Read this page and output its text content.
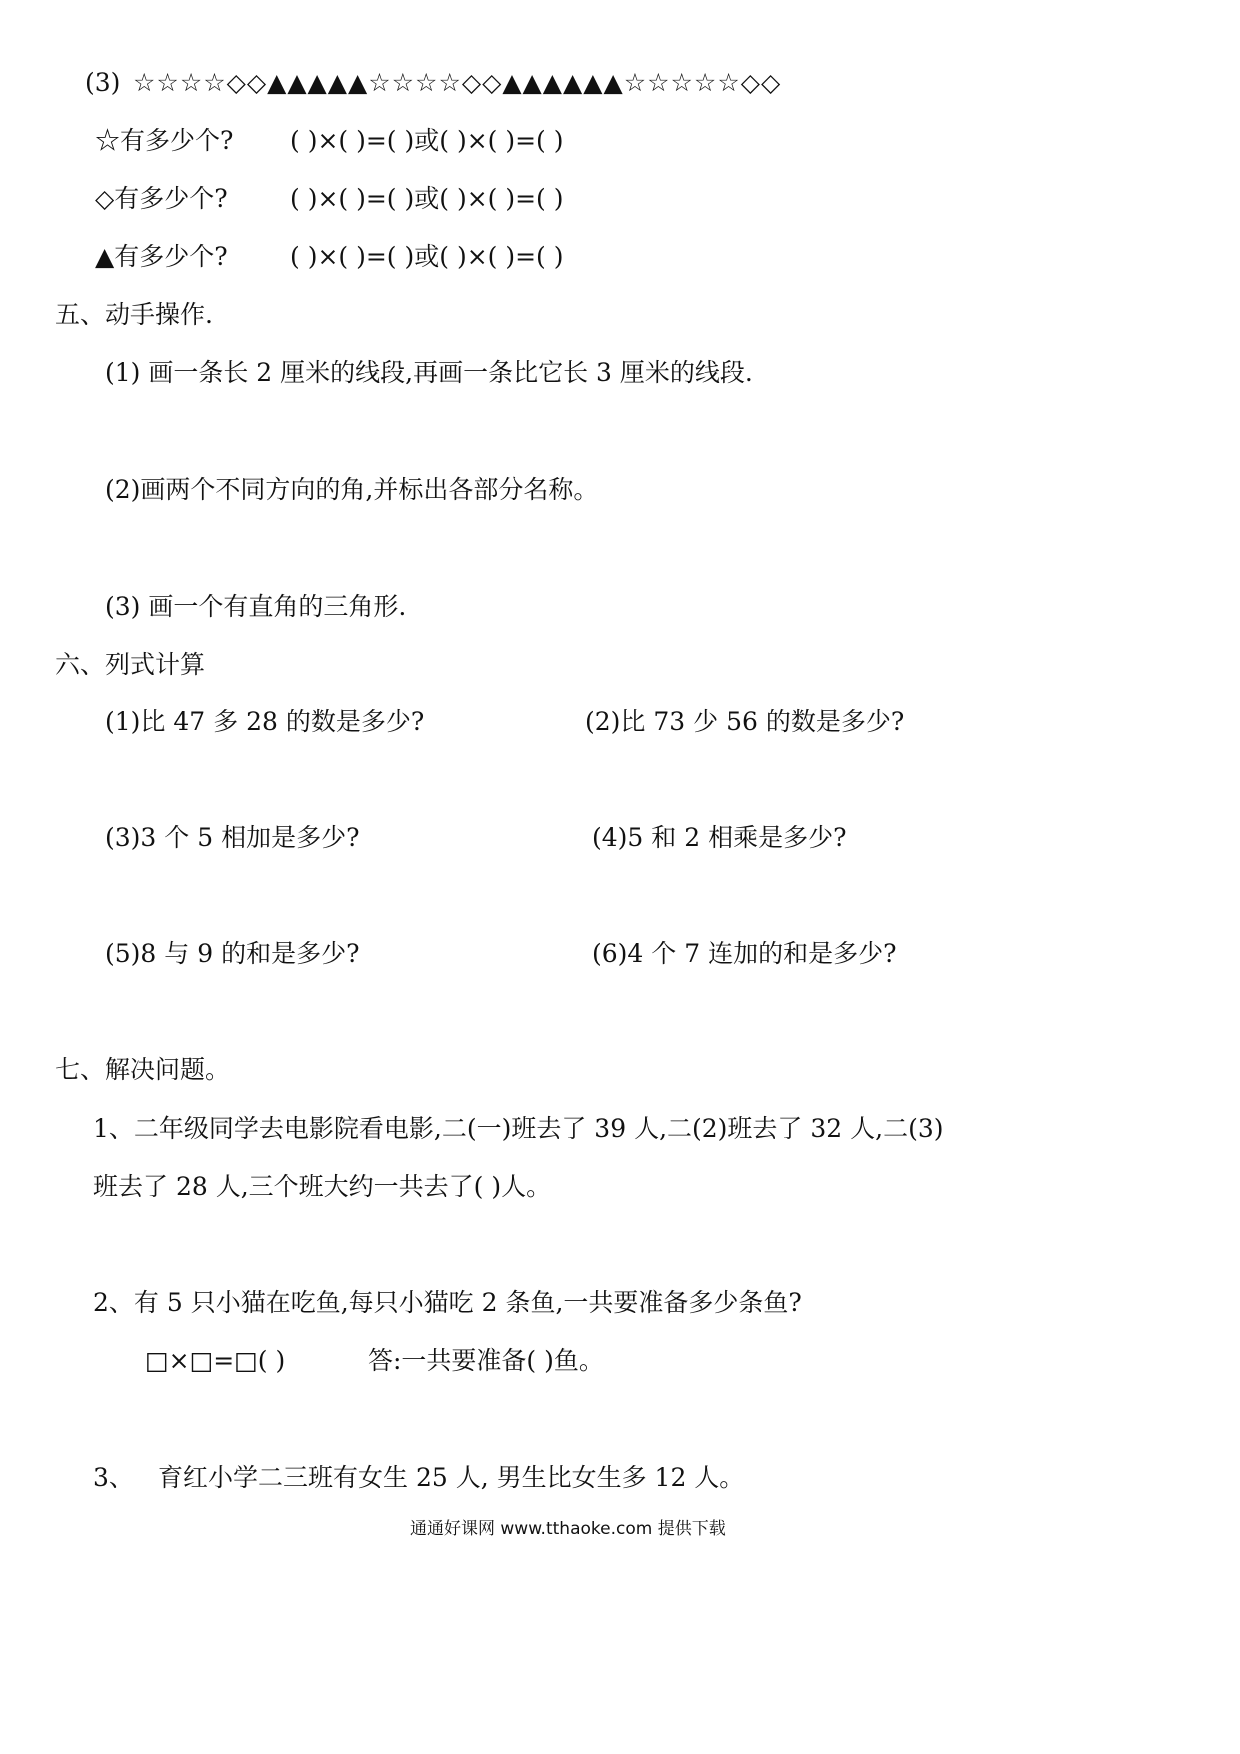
(3) ☆☆☆☆◇◇▲▲▲▲▲☆☆☆☆◇◇▲▲▲▲▲▲☆☆☆☆☆◇◇
☆有多少个? ( )×( )=( )或( )×( )=( )
◇有多少个? ( )×( )=( )或( )×( )=( )
▲有多少个? ( )×( )=( )或( )×( )=( )
五、动手操作.
(1) 画一条长 2 厘米的线段,再画一条比它长 3 厘米的线段.
(2)画两个不同方向的角,并标出各部分名称。
(3) 画一个有直角的三角形.
六、列式计算
(1)比 47 多 28 的数是多少?	(2)比 73 少 56 的数是多少?
(3)3 个 5 相加是多少?	(4)5 和 2 相乘是多少?
(5)8 与 9 的和是多少?	(6)4 个 7 连加的和是多少?
七、解决问题。
1、二年级同学去电影院看电影,二(一)班去了 39 人,二(2)班去了 32 人,二(3)
班去了 28 人,三个班大约一共去了( )人。
2、有 5 只小猫在吃鱼,每只小猫吃 2 条鱼,一共要准备多少条鱼?
□×□=□( )	答:一共要准备( )鱼。
3、 育红小学二三班有女生 25 人, 男生比女生多 12 人。
通通好课网 www.tthaoke.com 提供下载
